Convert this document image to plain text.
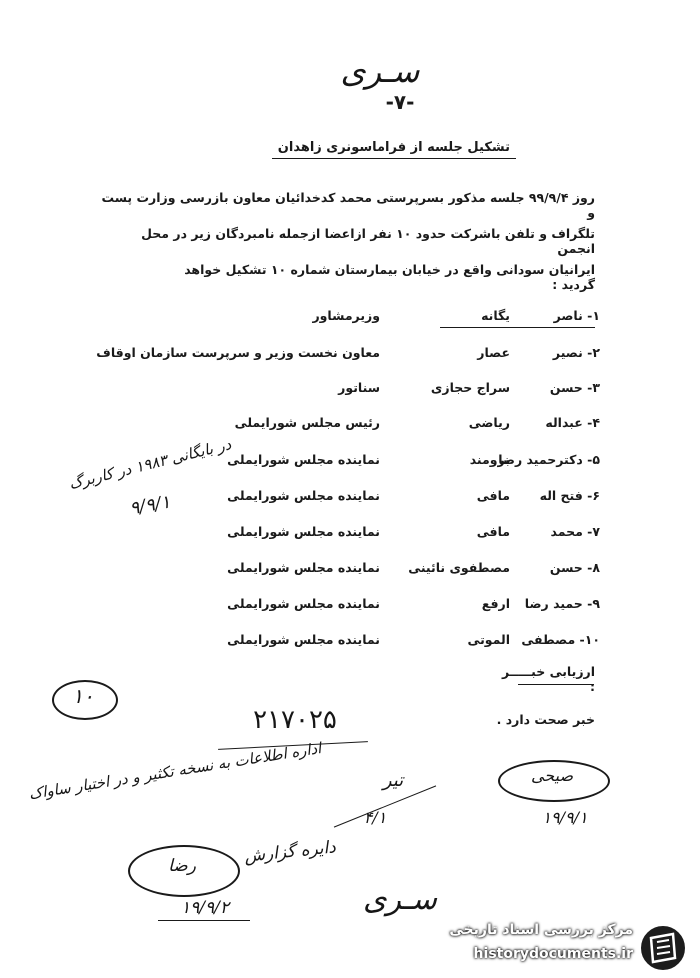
سـری
-۷-
تشکیل جلسه از فراماسونری زاهدان
روز ۹۹/۹/۴ جلسه مذکور بسرپرستی محمد کدخدائیان معاون بازرسی وزارت پست و
تلگراف و تلفن باشرکت حدود ۱۰ نفر ازاعضا ازجمله نامبردگان زیر در محل انجمن
ایرانیان سودانی واقع در خیابان بیمارستان شماره ۱۰ تشکیل خواهد گردید :
۱- ناصر
یگانه
وزیرمشاور
۲- نصیر
عصار
معاون نخست وزیر و سرپرست سازمان اوقاف
۳- حسن
سراج حجازی
سناتور
۴- عبداله
ریاضی
رئیس مجلس شورایملی
۵- دکترحمید رضا
برومند
نماینده مجلس شورایملی
۶- فتح اله
مافی
نماینده مجلس شورایملی
۷- محمد
مافی
نماینده مجلس شورایملی
۸- حسن
مصطفوی نائینی
نماینده مجلس شورایملی
۹- حمید رضا
ارفع
نماینده مجلس شورایملی
۱۰- مصطفی
الموتی
نماینده مجلس شورایملی
ارزیابی خبـــــر :
خبر صحت دارد .
در بایگانی ۱۹۸۳ در کاربرگ
۹/۹/۱
۱۰
۲۱۷۰۲۵
اداره اطلاعات به نسخه تکثیر و در اختیار ساواک	تیر
۴/۱
صیحی
۱۹/۹/۱
دایره گزارش
رضا
سـری
۱۹/۹/۲
مرکز بررسی اسناد تاریخی
historydocuments.ir
